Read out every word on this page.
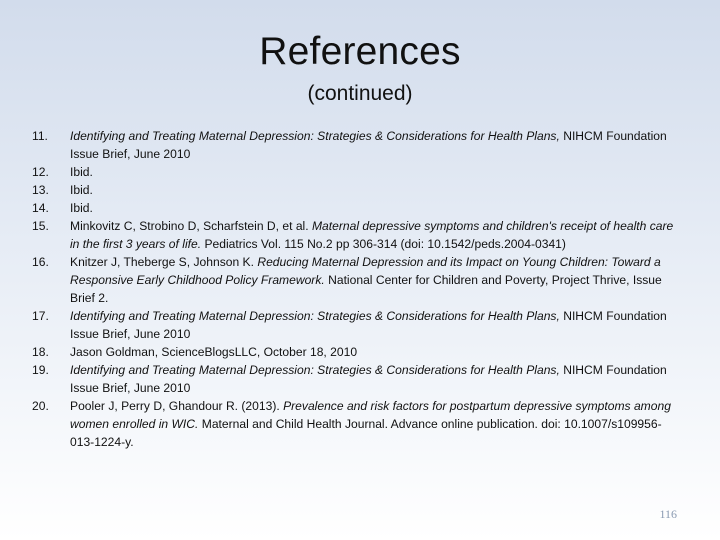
References
(continued)
11.	Identifying and Treating Maternal Depression: Strategies & Considerations for Health Plans, NIHCM Foundation Issue Brief, June 2010
12.	Ibid.
13.	Ibid.
14.	Ibid.
15.	Minkovitz C, Strobino D, Scharfstein D, et al. Maternal depressive symptoms and children's receipt of health care in the first 3 years of life. Pediatrics Vol. 115 No.2 pp 306-314 (doi: 10.1542/peds.2004-0341)
16.	Knitzer J, Theberge S, Johnson K. Reducing Maternal Depression and its Impact on Young Children: Toward a Responsive Early Childhood Policy Framework. National Center for Children and Poverty, Project Thrive, Issue Brief 2.
17.	Identifying and Treating Maternal Depression: Strategies & Considerations for Health Plans, NIHCM Foundation Issue Brief, June 2010
18.	Jason Goldman, ScienceBlogsLLC, October 18, 2010
19.	Identifying and Treating Maternal Depression: Strategies & Considerations for Health Plans, NIHCM Foundation Issue Brief, June 2010
20.	Pooler J, Perry D, Ghandour R. (2013). Prevalence and risk factors for postpartum depressive symptoms among women enrolled in WIC. Maternal and Child Health Journal. Advance online publication. doi: 10.1007/s109956-013-1224-y.
116
